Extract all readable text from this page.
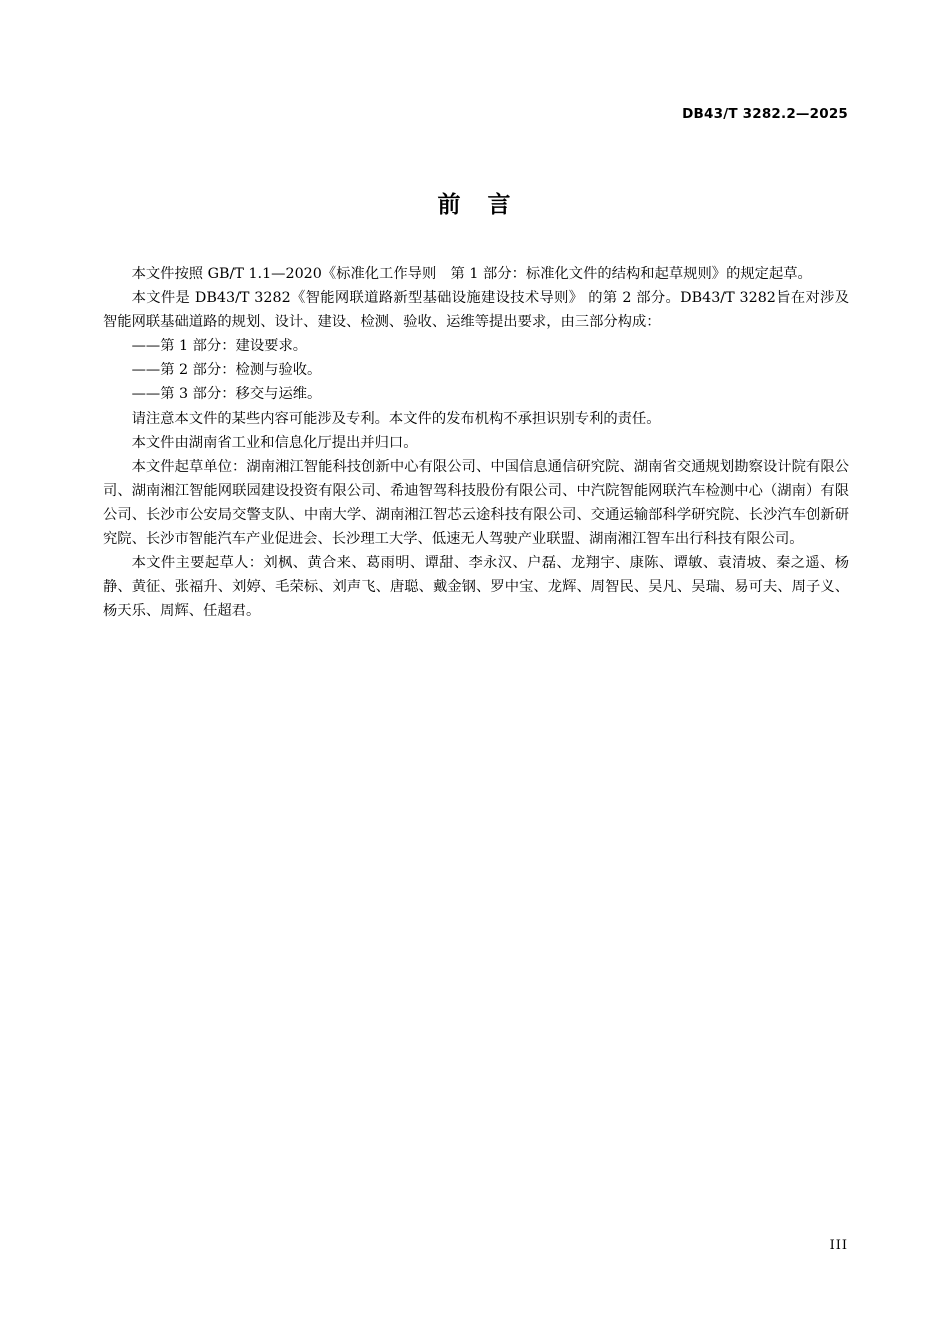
DB43/T 3282.2—2025
前　言

本文件按照 GB/T 1.1—2020《标准化工作导则　第 1 部分：标准化文件的结构和起草规则》的规定起草。

本文件是 DB43/T 3282《智能网联道路新型基础设施建设技术导则》 的第 2 部分。DB43/T 3282旨在对涉及智能网联基础道路的规划、设计、建设、检测、验收、运维等提出要求，由三部分构成：

——第 1 部分：建设要求。

——第 2 部分：检测与验收。

——第 3 部分：移交与运维。

请注意本文件的某些内容可能涉及专利。本文件的发布机构不承担识别专利的责任。

本文件由湖南省工业和信息化厅提出并归口。

本文件起草单位：湖南湘江智能科技创新中心有限公司、中国信息通信研究院、湖南省交通规划勘察设计院有限公司、湖南湘江智能网联园建设投资有限公司、希迪智驾科技股份有限公司、中汽院智能网联汽车检测中心（湖南）有限公司、长沙市公安局交警支队、中南大学、湖南湘江智芯云途科技有限公司、交通运输部科学研究院、长沙汽车创新研究院、长沙市智能汽车产业促进会、长沙理工大学、低速无人驾驶产业联盟、湖南湘江智车出行科技有限公司。

本文件主要起草人：刘枫、黄合来、葛雨明、谭甜、李永汉、户磊、龙翔宇、康陈、谭敏、袁清坡、秦之遥、杨静、黄征、张福升、刘婷、毛荣标、刘声飞、唐聪、戴金钢、罗中宝、龙辉、周智民、吴凡、吴瑞、易可夫、周子义、杨天乐、周辉、任超君。

III
